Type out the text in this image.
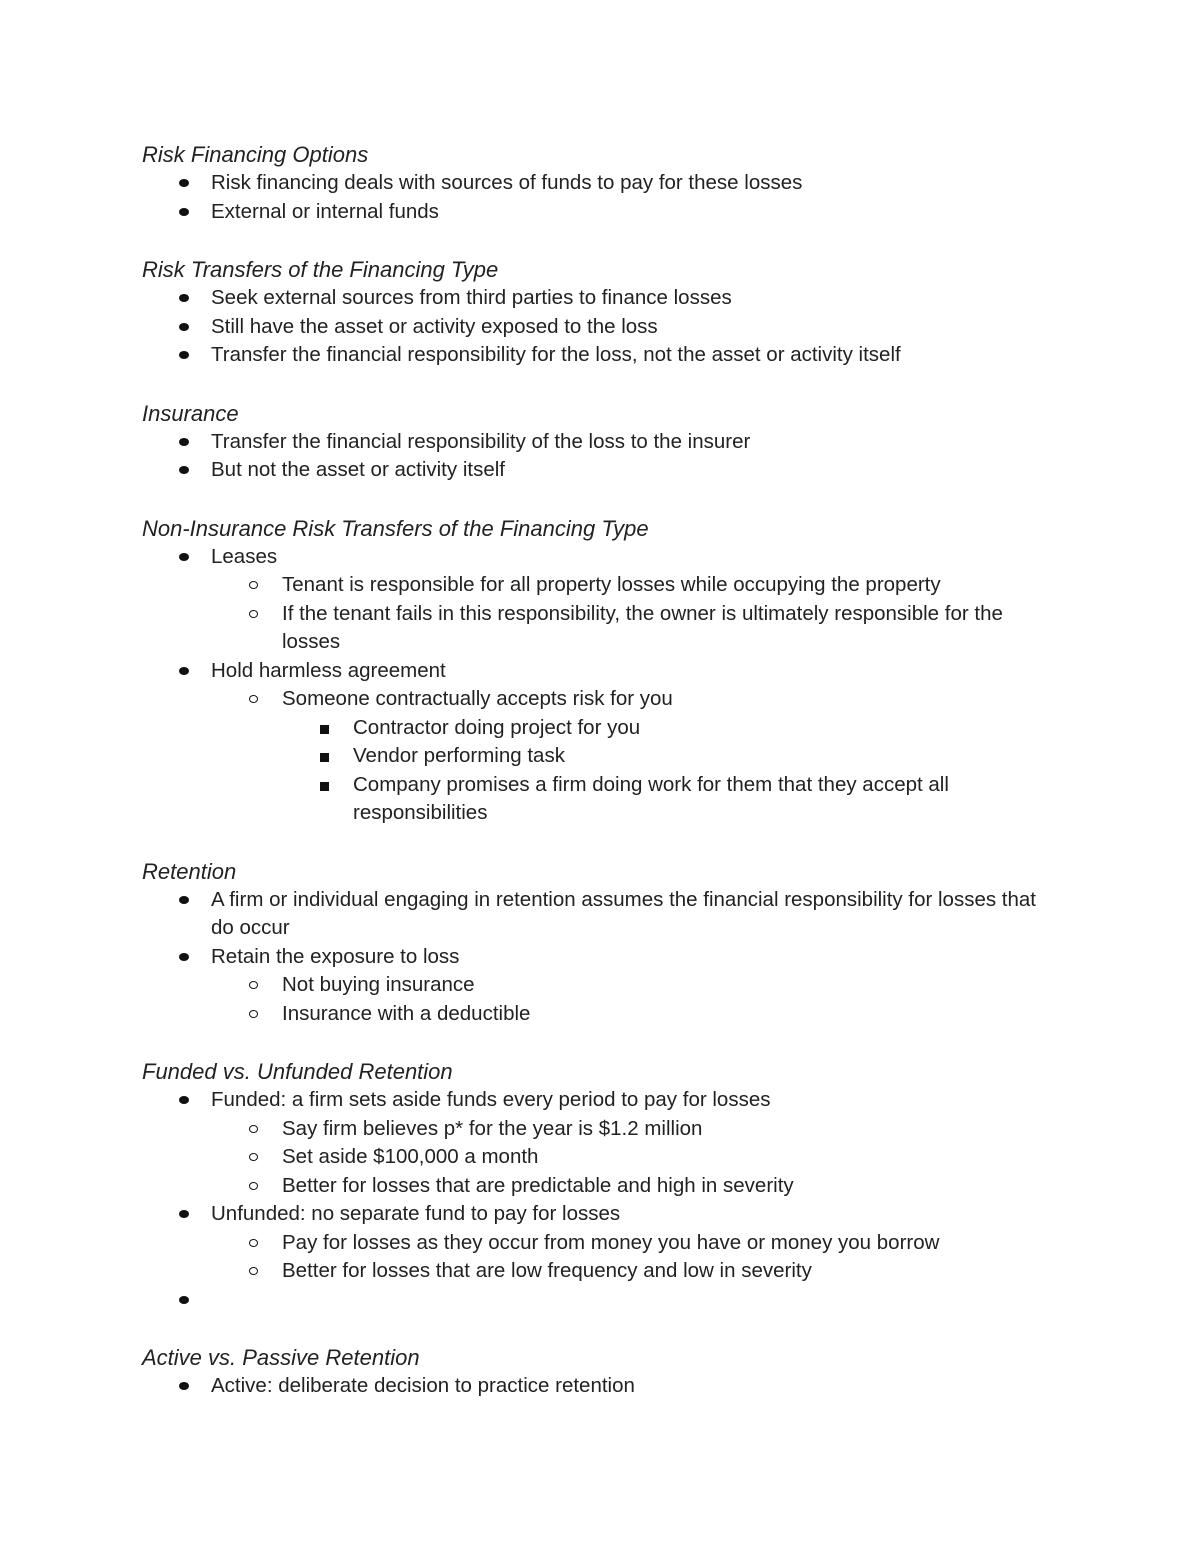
Risk Financing Options
Risk financing deals with sources of funds to pay for these losses
External or internal funds
Risk Transfers of the Financing Type
Seek external sources from third parties to finance losses
Still have the asset or activity exposed to the loss
Transfer the financial responsibility for the loss, not the asset or activity itself
Insurance
Transfer the financial responsibility of the loss to the insurer
But not the asset or activity itself
Non-Insurance Risk Transfers of the Financing Type
Leases
Tenant is responsible for all property losses while occupying the property
If the tenant fails in this responsibility, the owner is ultimately responsible for the losses
Hold harmless agreement
Someone contractually accepts risk for you
Contractor doing project for you
Vendor performing task
Company promises a firm doing work for them that they accept all responsibilities
Retention
A firm or individual engaging in retention assumes the financial responsibility for losses that do occur
Retain the exposure to loss
Not buying insurance
Insurance with a deductible
Funded vs. Unfunded Retention
Funded: a firm sets aside funds every period to pay for losses
Say firm believes p* for the year is $1.2 million
Set aside $100,000 a month
Better for losses that are predictable and high in severity
Unfunded: no separate fund to pay for losses
Pay for losses as they occur from money you have or money you borrow
Better for losses that are low frequency and low in severity
Active vs. Passive Retention
Active: deliberate decision to practice retention
